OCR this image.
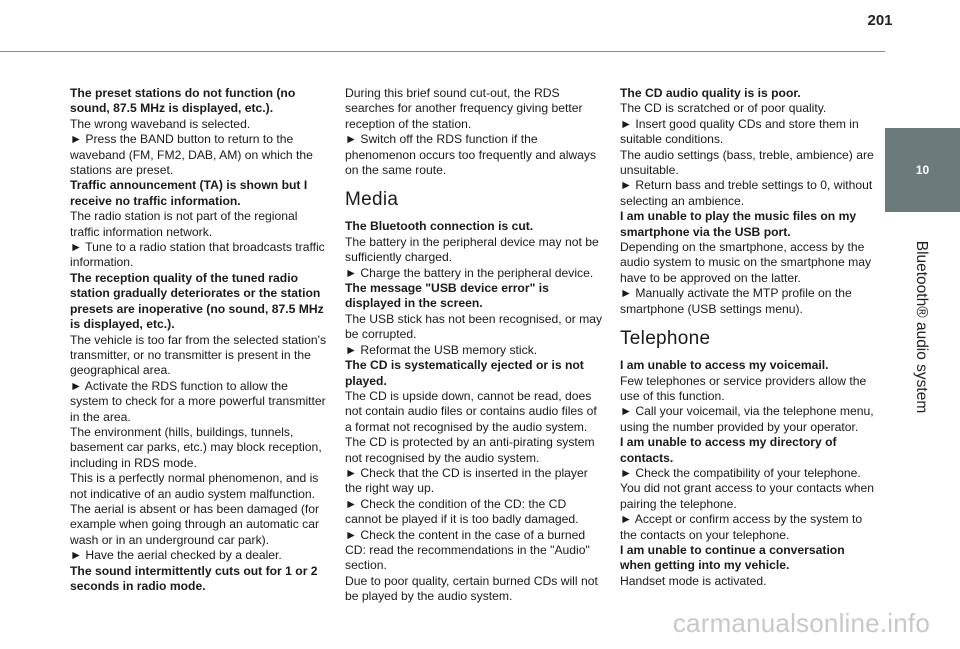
201
10
Bluetooth® audio system

The preset stations do not function (no sound, 87.5 MHz is displayed, etc.).

The wrong waveband is selected.

► Press the BAND button to return to the waveband (FM, FM2, DAB, AM) on which the stations are preset.

Traffic announcement (TA) is shown but I receive no traffic information.

The radio station is not part of the regional traffic information network.

► Tune to a radio station that broadcasts traffic information.

The reception quality of the tuned radio station gradually deteriorates or the station presets are inoperative (no sound, 87.5 MHz is displayed, etc.).

The vehicle is too far from the selected station's transmitter, or no transmitter is present in the geographical area.

► Activate the RDS function to allow the system to check for a more powerful transmitter in the area.

The environment (hills, buildings, tunnels, basement car parks, etc.) may block reception, including in RDS mode.

This is a perfectly normal phenomenon, and is not indicative of an audio system malfunction.

The aerial is absent or has been damaged (for example when going through an automatic car wash or in an underground car park).

► Have the aerial checked by a dealer.

The sound intermittently cuts out for 1 or 2 seconds in radio mode.

During this brief sound cut-out, the RDS searches for another frequency giving better reception of the station.

► Switch off the RDS function if the phenomenon occurs too frequently and always on the same route.

Media

The Bluetooth connection is cut.

The battery in the peripheral device may not be sufficiently charged.

► Charge the battery in the peripheral device.

The message "USB device error" is displayed in the screen.

The USB stick has not been recognised, or may be corrupted.

► Reformat the USB memory stick.

The CD is systematically ejected or is not played.

The CD is upside down, cannot be read, does not contain audio files or contains audio files of a format not recognised by the audio system.

The CD is protected by an anti-pirating system not recognised by the audio system.

► Check that the CD is inserted in the player the right way up.

► Check the condition of the CD: the CD cannot be played if it is too badly damaged.

► Check the content in the case of a burned CD: read the recommendations in the "Audio" section.

Due to poor quality, certain burned CDs will not be played by the audio system.

The CD audio quality is is poor.

The CD is scratched or of poor quality.

► Insert good quality CDs and store them in suitable conditions.

The audio settings (bass, treble, ambience) are unsuitable.

► Return bass and treble settings to 0, without selecting an ambience.

I am unable to play the music files on my smartphone via the USB port.

Depending on the smartphone, access by the audio system to music on the smartphone may have to be approved on the latter.

► Manually activate the MTP profile on the smartphone (USB settings menu).

Telephone

I am unable to access my voicemail.

Few telephones or service providers allow the use of this function.

► Call your voicemail, via the telephone menu, using the number provided by your operator.

I am unable to access my directory of contacts.

► Check the compatibility of your telephone.

You did not grant access to your contacts when pairing the telephone.

► Accept or confirm access by the system to the contacts on your telephone.

I am unable to continue a conversation when getting into my vehicle.

Handset mode is activated.

carmanualsonline.info
